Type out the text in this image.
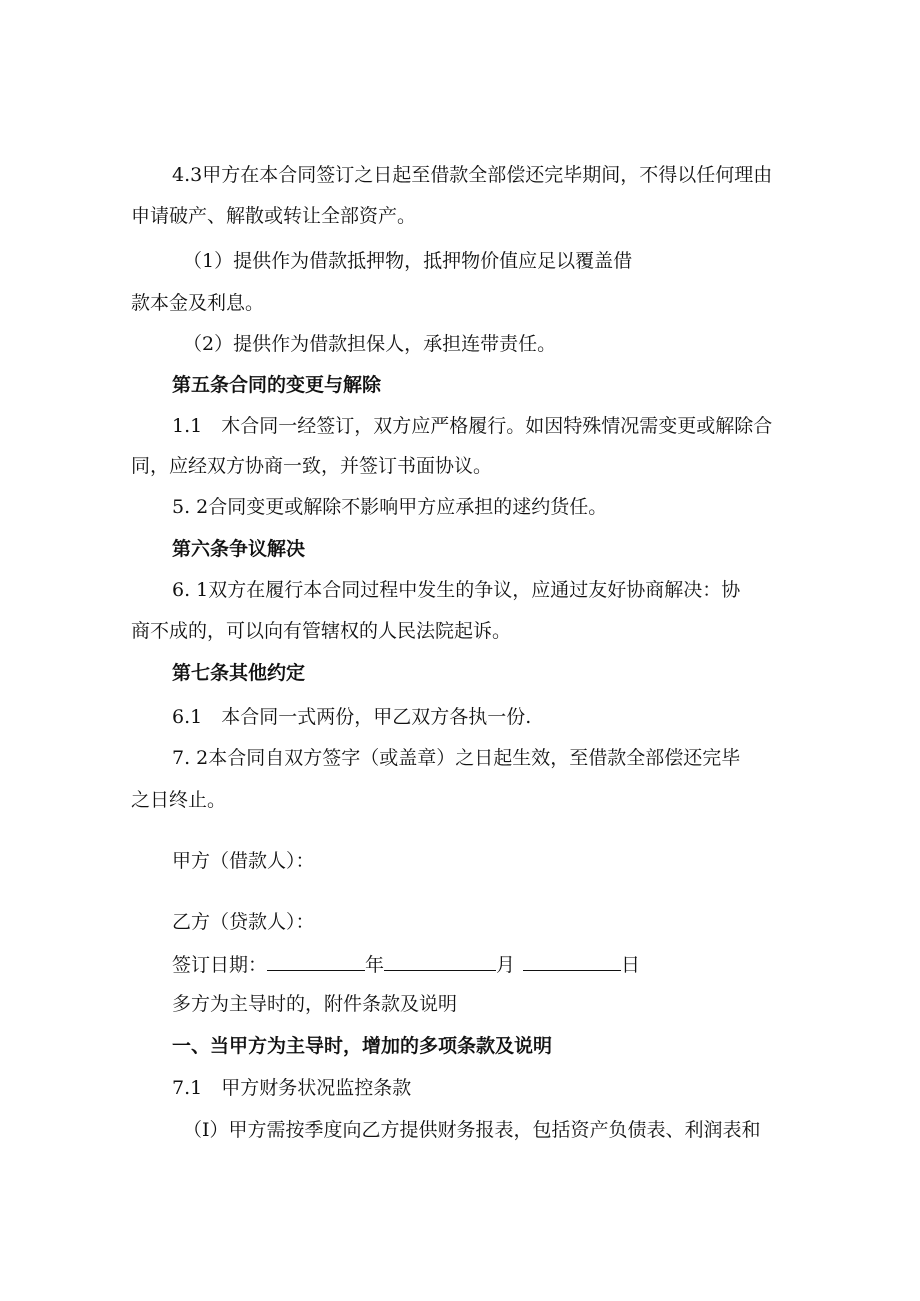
4.3甲方在本合同签订之日起至借款全部偿还完毕期间，不得以任何理由
申请破产、解散或转让全部资产。
（1）提供作为借款抵押物，抵押物价值应足以覆盖借
款本金及利息。
（2）提供作为借款担保人，承担连带责任。
第五条合同的变更与解除
1.1　木合同一经签订，双方应严格履行。如因特殊情况需变更或解除合
同，应经双方协商一致，并签订书面协议。
5. 2合同变更或解除不影响甲方应承担的逑约货任。
第六条争议解决
6. 1双方在履行本合同过程中发生的争议，应通过友好协商解决：协
商不成的，可以向有管辖权的人民法院起诉。
第七条其他约定
6.1　本合同一式两份，甲乙双方各执一份.
7. 2本合同自双方签字（或盖章）之日起生效，至借款全部偿还完毕
之日终止。
甲方（借款人）：
乙方（贷款人）：
签订日期：	年	月	日
多方为主导时的，附件条款及说明
一、当甲方为主导时，增加的多项条款及说明
7.1　甲方财务状况监控条款
（I）甲方需按季度向乙方提供财务报表，包括资产负债表、利润表和
